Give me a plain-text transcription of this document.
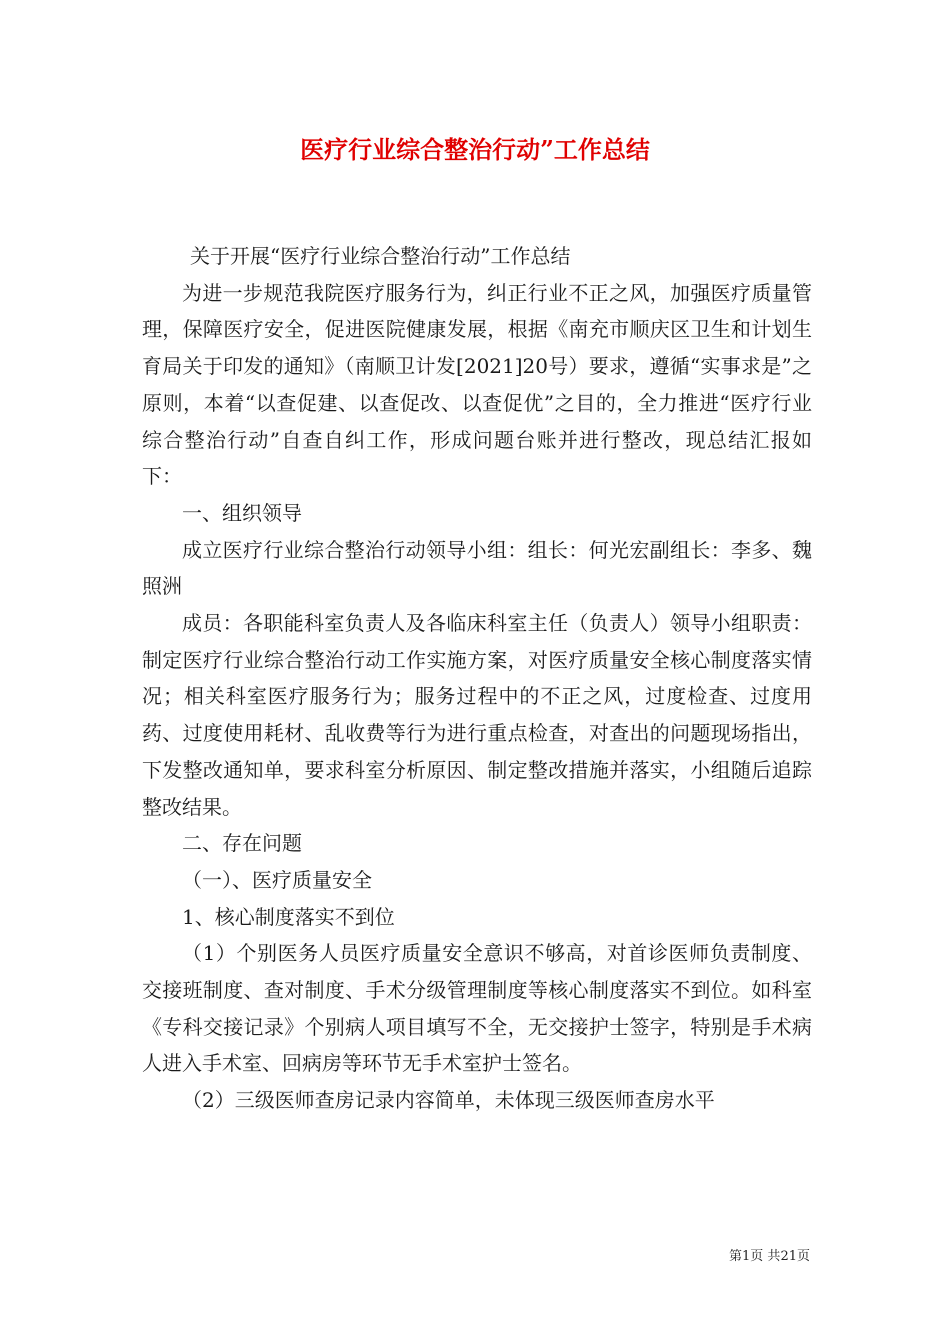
医疗行业综合整治行动”工作总结

关于开展“医疗行业综合整治行动”工作总结

为进一步规范我院医疗服务行为，纠正行业不正之风，加强医疗质量管理，保障医疗安全，促进医院健康发展，根据《南充市顺庆区卫生和计划生育局关于印发的通知》（南顺卫计发[2021]20号）要求，遵循“实事求是”之原则，本着“以查促建、以查促改、以查促优”之目的，全力推进“医疗行业综合整治行动”自查自纠工作，形成问题台账并进行整改，现总结汇报如下：

一、组织领导

成立医疗行业综合整治行动领导小组：组长：何光宏副组长：李多、魏照洲

成员：各职能科室负责人及各临床科室主任（负责人）领导小组职责：制定医疗行业综合整治行动工作实施方案，对医疗质量安全核心制度落实情况；相关科室医疗服务行为；服务过程中的不正之风，过度检查、过度用药、过度使用耗材、乱收费等行为进行重点检查，对查出的问题现场指出，下发整改通知单，要求科室分析原因、制定整改措施并落实，小组随后追踪整改结果。

二、存在问题

（一）、医疗质量安全

1、核心制度落实不到位

（1）个别医务人员医疗质量安全意识不够高，对首诊医师负责制度、交接班制度、查对制度、手术分级管理制度等核心制度落实不到位。如科室《专科交接记录》个别病人项目填写不全，无交接护士签字，特别是手术病人进入手术室、回病房等环节无手术室护士签名。

（2）三级医师查房记录内容简单，未体现三级医师查房水平

第1页 共21页
